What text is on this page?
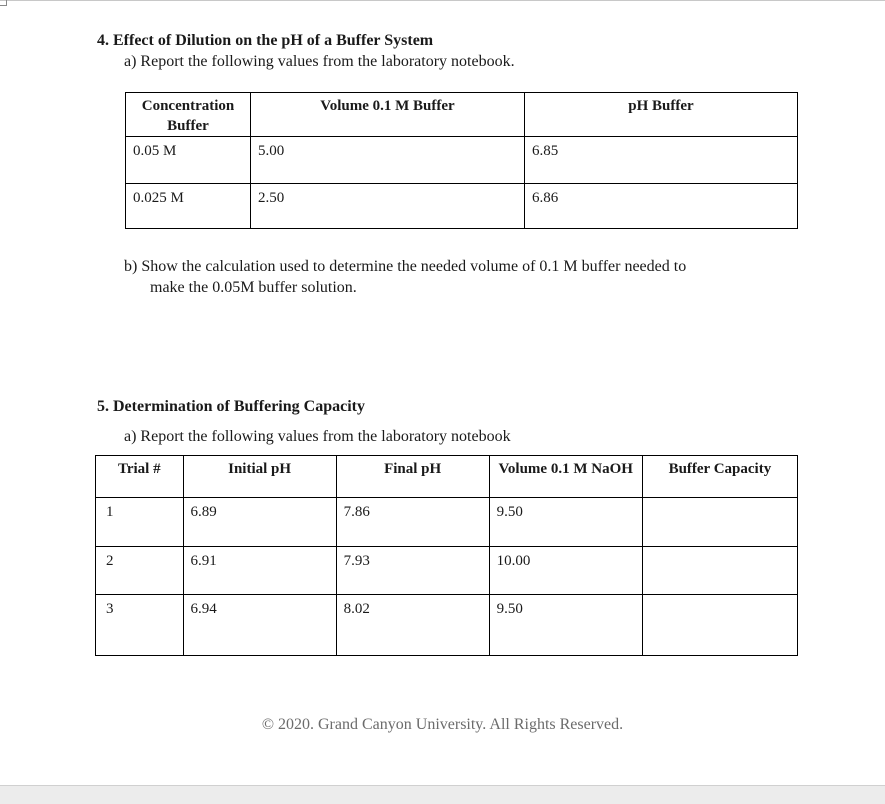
4. Effect of Dilution on the pH of a Buffer System
a) Report the following values from the laboratory notebook.
Concentration Buffer	Volume 0.1 M Buffer	pH Buffer
0.05 M	5.00	6.85
0.025 M	2.50	6.86
b) Show the calculation used to determine the needed volume of 0.1 M buffer needed to
make the 0.05M buffer solution.
5. Determination of Buffering Capacity
a) Report the following values from the laboratory notebook
Trial #	Initial pH	Final pH	Volume 0.1 M NaOH	Buffer Capacity
1	6.89	7.86	9.50	
2	6.91	7.93	10.00	
3	6.94	8.02	9.50	
© 2020. Grand Canyon University. All Rights Reserved.
